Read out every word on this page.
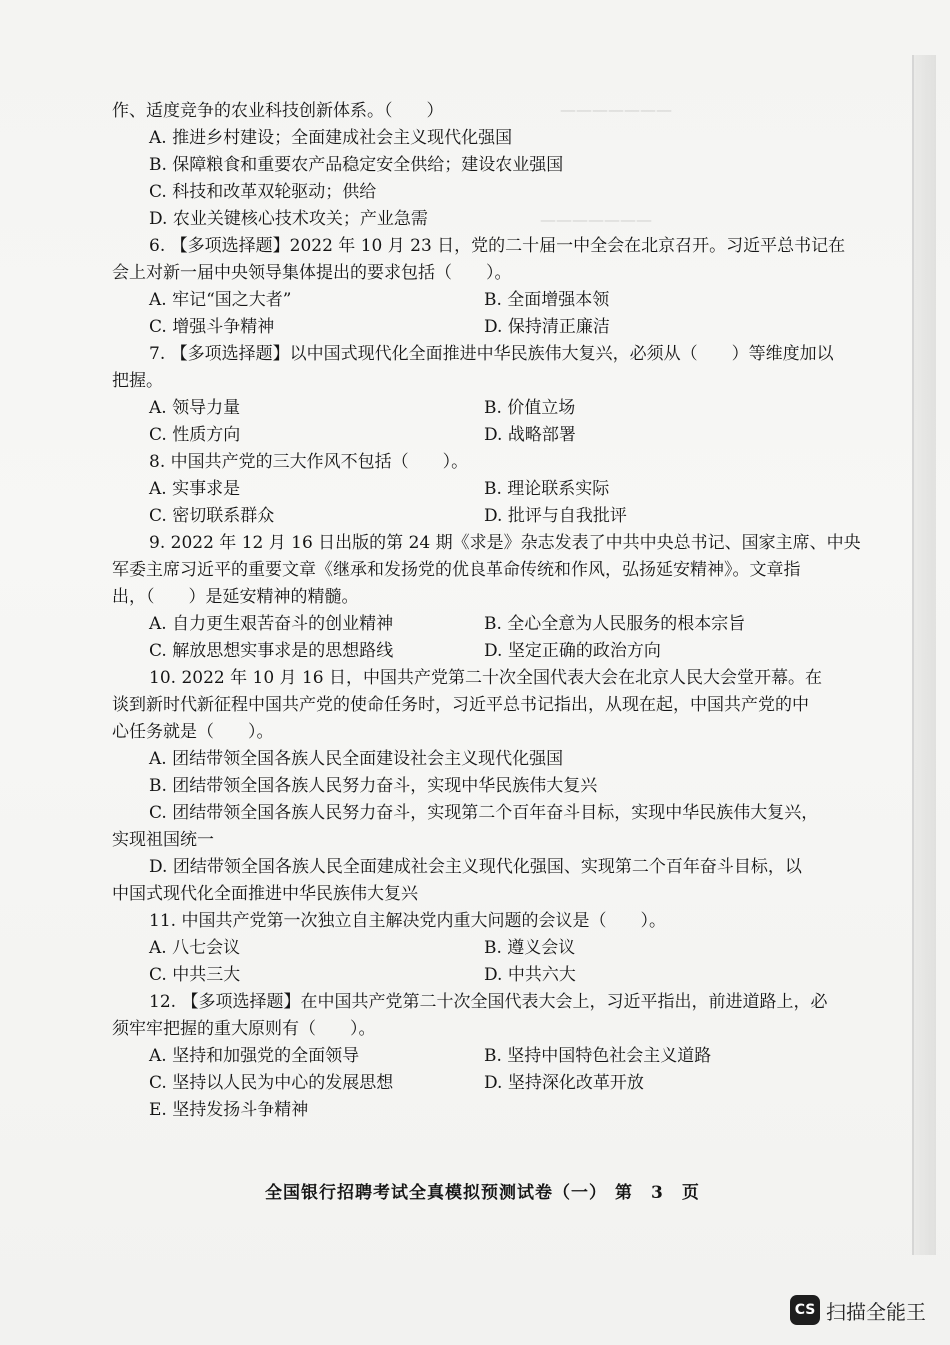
———————
———————
作、适度竞争的农业科技创新体系。（　　）
A. 推进乡村建设；全面建成社会主义现代化强国
B. 保障粮食和重要农产品稳定安全供给；建设农业强国
C. 科技和改革双轮驱动；供给
D. 农业关键核心技术攻关；产业急需
6. 【多项选择题】2022 年 10 月 23 日，党的二十届一中全会在北京召开。习近平总书记在
会上对新一届中央领导集体提出的要求包括（　　）。
A. 牢记“国之大者”	B. 全面增强本领
C. 增强斗争精神	D. 保持清正廉洁
7. 【多项选择题】以中国式现代化全面推进中华民族伟大复兴，必须从（　　）等维度加以
把握。
A. 领导力量	B. 价值立场
C. 性质方向	D. 战略部署
8. 中国共产党的三大作风不包括（　　）。
A. 实事求是	B. 理论联系实际
C. 密切联系群众	D. 批评与自我批评
9. 2022 年 12 月 16 日出版的第 24 期《求是》杂志发表了中共中央总书记、国家主席、中央
军委主席习近平的重要文章《继承和发扬党的优良革命传统和作风，弘扬延安精神》。文章指
出，（　　）是延安精神的精髓。
A. 自力更生艰苦奋斗的创业精神	B. 全心全意为人民服务的根本宗旨
C. 解放思想实事求是的思想路线	D. 坚定正确的政治方向
10. 2022 年 10 月 16 日，中国共产党第二十次全国代表大会在北京人民大会堂开幕。在
谈到新时代新征程中国共产党的使命任务时，习近平总书记指出，从现在起，中国共产党的中
心任务就是（　　）。
A. 团结带领全国各族人民全面建设社会主义现代化强国
B. 团结带领全国各族人民努力奋斗，实现中华民族伟大复兴
C. 团结带领全国各族人民努力奋斗，实现第二个百年奋斗目标，实现中华民族伟大复兴，
实现祖国统一
D. 团结带领全国各族人民全面建成社会主义现代化强国、实现第二个百年奋斗目标，以
中国式现代化全面推进中华民族伟大复兴
11. 中国共产党第一次独立自主解决党内重大问题的会议是（　　）。
A. 八七会议	B. 遵义会议
C. 中共三大	D. 中共六大
12. 【多项选择题】在中国共产党第二十次全国代表大会上，习近平指出，前进道路上，必
须牢牢把握的重大原则有（　　）。
A. 坚持和加强党的全面领导	B. 坚持中国特色社会主义道路
C. 坚持以人民为中心的发展思想	D. 坚持深化改革开放
E. 坚持发扬斗争精神
全国银行招聘考试全真模拟预测试卷（一） 第　3　页
CS 扫描全能王
